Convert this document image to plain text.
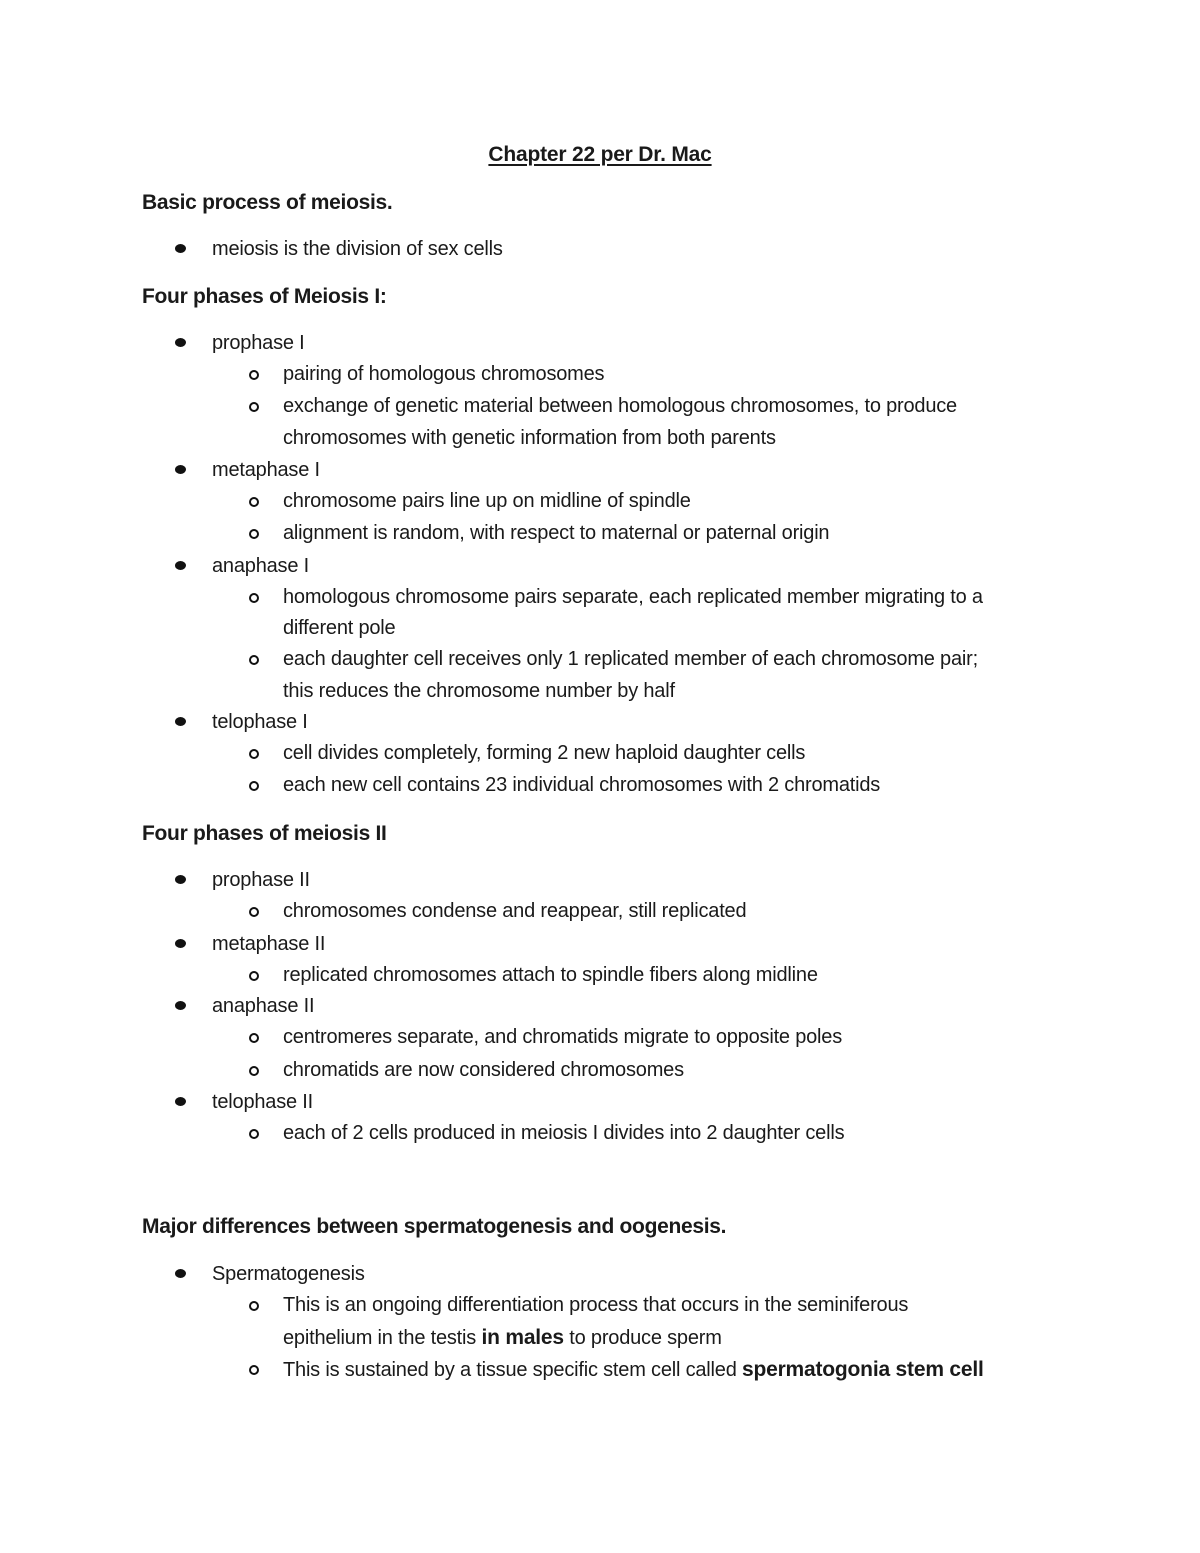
Chapter 22 per Dr. Mac
Basic process of meiosis.
meiosis is the division of sex cells
Four phases of Meiosis I:
prophase I
pairing of homologous chromosomes
exchange of genetic material between homologous chromosomes, to produce
chromosomes with genetic information from both parents
metaphase I
chromosome pairs line up on midline of spindle
alignment is random, with respect to maternal or paternal origin
anaphase I
homologous chromosome pairs separate, each replicated member migrating to a
different pole
each daughter cell receives only 1 replicated member of each chromosome pair;
this reduces the chromosome number by half
telophase I
cell divides completely, forming 2 new haploid daughter cells
each new cell contains 23 individual chromosomes with 2 chromatids
Four phases of meiosis II
prophase II
chromosomes condense and reappear, still replicated
metaphase II
replicated chromosomes attach to spindle fibers along midline
anaphase II
centromeres separate, and chromatids migrate to opposite poles
chromatids are now considered chromosomes
telophase II
each of 2 cells produced in meiosis I divides into 2 daughter cells
Major differences between spermatogenesis and oogenesis.
Spermatogenesis
This is an ongoing differentiation process that occurs in the seminiferous
epithelium in the testis in males to produce sperm
This is sustained by a tissue specific stem cell called spermatogonia stem cell
